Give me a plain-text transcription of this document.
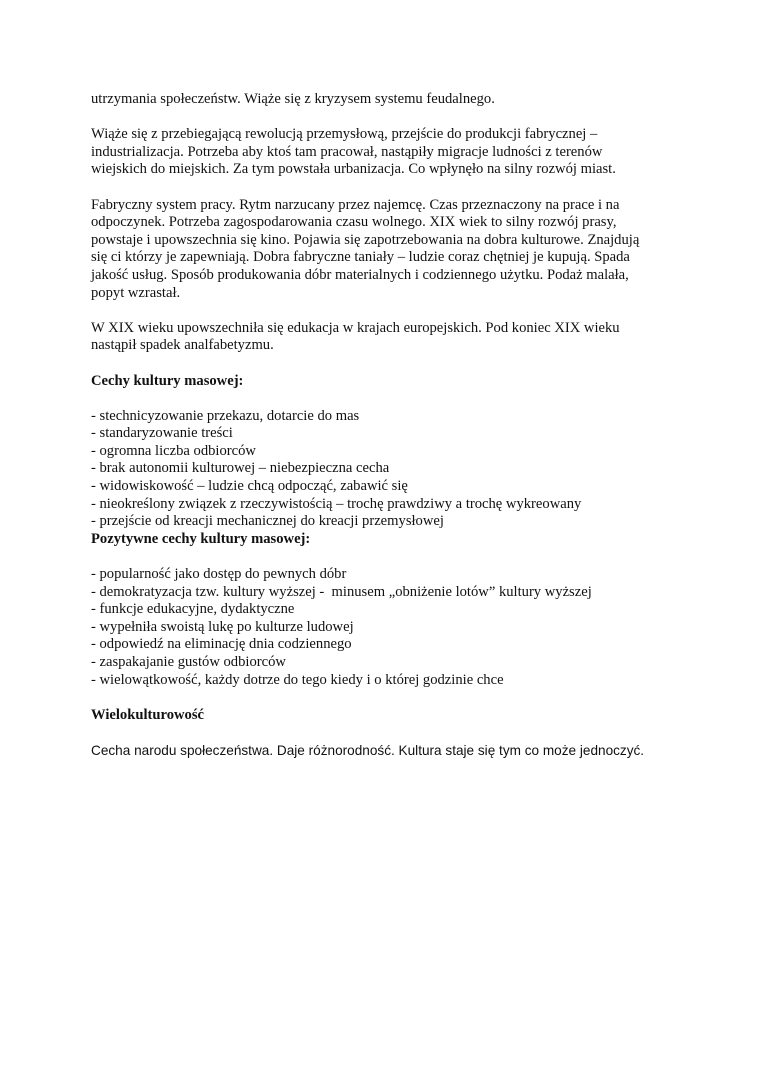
utrzymania społeczeństw. Wiąże się z kryzysem systemu feudalnego.

Wiąże się z przebiegającą rewolucją przemysłową, przejście do produkcji fabrycznej –

industrializacja. Potrzeba aby ktoś tam pracował, nastąpiły migracje ludności z terenów

wiejskich do miejskich. Za tym powstała urbanizacja. Co wpłynęło na silny rozwój miast.

Fabryczny system pracy. Rytm narzucany przez najemcę. Czas przeznaczony na prace i na

odpoczynek. Potrzeba zagospodarowania czasu wolnego. XIX wiek to silny rozwój prasy,

powstaje i upowszechnia się kino. Pojawia się zapotrzebowania na dobra kulturowe. Znajdują

się ci którzy je zapewniają. Dobra fabryczne taniały – ludzie coraz chętniej je kupują. Spada

jakość usług. Sposób produkowania dóbr materialnych i codziennego użytku. Podaż malała,

popyt wzrastał.

W XIX wieku upowszechniła się edukacja w krajach europejskich. Pod koniec XIX wieku

nastąpił spadek analfabetyzmu.

Cechy kultury masowej:

- stechnicyzowanie przekazu, dotarcie do mas
- standaryzowanie treści
- ogromna liczba odbiorców
- brak autonomii kulturowej – niebezpieczna cecha
- widowiskowość – ludzie chcą odpocząć, zabawić się
- nieokreślony związek z rzeczywistością – trochę prawdziwy a trochę wykreowany
- przejście od kreacji mechanicznej do kreacji przemysłowej

Pozytywne cechy kultury masowej:

- popularność jako dostęp do pewnych dóbr
- demokratyzacja tzw. kultury wyższej -  minusem „obniżenie lotów” kultury wyższej
- funkcje edukacyjne, dydaktyczne
- wypełniła swoistą lukę po kulturze ludowej
- odpowiedź na eliminację dnia codziennego
- zaspakajanie gustów odbiorców
- wielowątkowość, każdy dotrze do tego kiedy i o której godzinie chce

Wielokulturowość

Cecha narodu społeczeństwa. Daje różnorodność. Kultura staje się tym co może jednoczyć.
